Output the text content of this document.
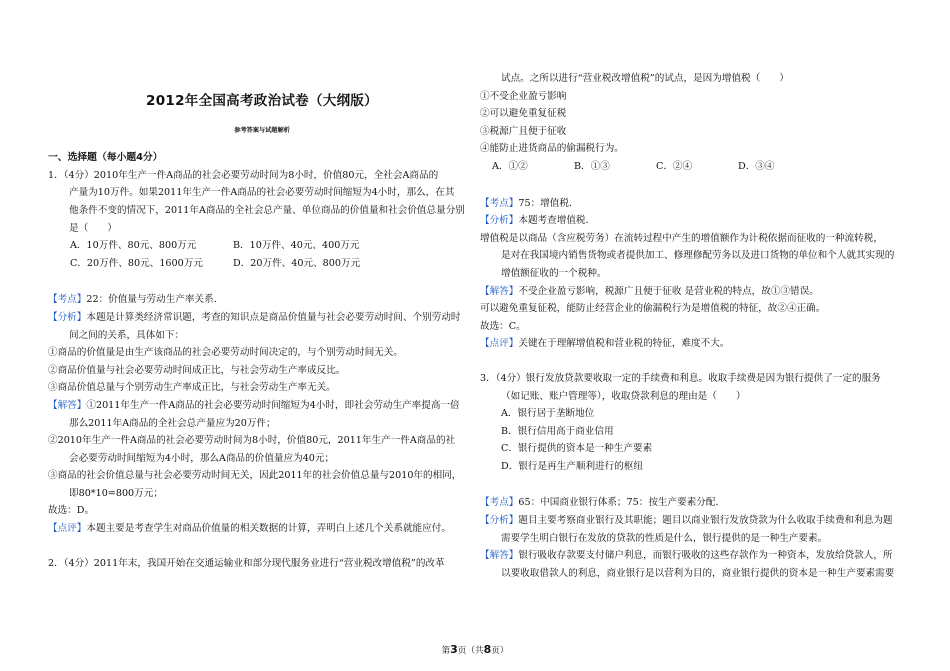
2012年全国高考政治试卷（大纲版）

参考答案与试题解析

一、选择题（每小题4分）

1．（4分）2010年生产一件A商品的社会必要劳动时间为8小时，价值80元，全社会A商品的

产量为10万件。如果2011年生产一件A商品的社会必要劳动时间缩短为4小时，那么，在其

他条件不变的情况下，2011年A商品的全社会总产量、单位商品的价值量和社会价值总量分别

是（　　）

A．10万件、80元、800万元	B．10万件、40元、400万元
C．20万件、80元、1600万元	D．20万件、40元、800万元

【考点】22：价值量与劳动生产率关系．

【分析】本题是计算类经济常识题，考查的知识点是商品价值量与社会必要劳动时间、个别劳动时

间之间的关系，具体如下：

①商品的价值量是由生产该商品的社会必要劳动时间决定的，与个别劳动时间无关。

②商品价值量与社会必要劳动时间成正比，与社会劳动生产率成反比。

③商品价值总量与个别劳动生产率成正比，与社会劳动生产率无关。

【解答】①2011年生产一件A商品的社会必要劳动时间缩短为4小时，即社会劳动生产率提高一倍

那么2011年A商品的全社会总产量应为20万件；

②2010年生产一件A商品的社会必要劳动时间为8小时，价值80元，2011年生产一件A商品的社

会必要劳动时间缩短为4小时，那么A商品的价值量应为40元；

③商品的社会价值总量与社会必要劳动时间无关，因此2011年的社会价值总量与2010年的相同，

即80*10=800万元；

故选：D。

【点评】本题主要是考查学生对商品价值量的相关数据的计算，弄明白上述几个关系就能应付。

2．（4分）2011年末，我国开始在交通运输业和部分现代服务业进行“营业税改增值税”的改革

试点。之所以进行“营业税改增值税”的试点，是因为增值税（　　）

①不受企业盈亏影响

②可以避免重复征税

③税源广且便于征收

④能防止进货商品的偷漏税行为。

A．①②	B．①③	C．②④	D．③④

【考点】75：增值税．

【分析】本题考查增值税．

增值税是以商品（含应税劳务）在流转过程中产生的增值额作为计税依据而征收的一种流转税，

是对在我国境内销售货物或者提供加工、修理修配劳务以及进口货物的单位和个人就其实现的

增值额征收的一个税种。

【解答】不受企业盈亏影响，税源广且便于征收 是营业税的特点，故①③错误。

可以避免重复征税，能防止经营企业的偷漏税行为是增值税的特征，故②④正确。

故选：C。

【点评】关键在于理解增值税和营业税的特征，难度不大。

3．（4分）银行发放贷款要收取一定的手续费和利息。收取手续费是因为银行提供了一定的服务

（如记账、账户管理等），收取贷款利息的理由是（　　）

A．银行居于垄断地位

B．银行信用高于商业信用

C．银行提供的资本是一种生产要素

D．银行是再生产顺利进行的枢纽

【考点】65：中国商业银行体系；75：按生产要素分配．

【分析】题目主要考察商业银行及其职能；题目以商业银行发放贷款为什么收取手续费和利息为题

需要学生明白银行在发放的贷款的性质是什么，银行提供的是一种生产要素。

【解答】银行吸收存款要支付储户利息，而银行吸收的这些存款作为一种资本，发放给贷款人，所

以要收取借款人的利息，商业银行是以营利为目的，商业银行提供的资本是一种生产要素需要

第3页（共8页）
